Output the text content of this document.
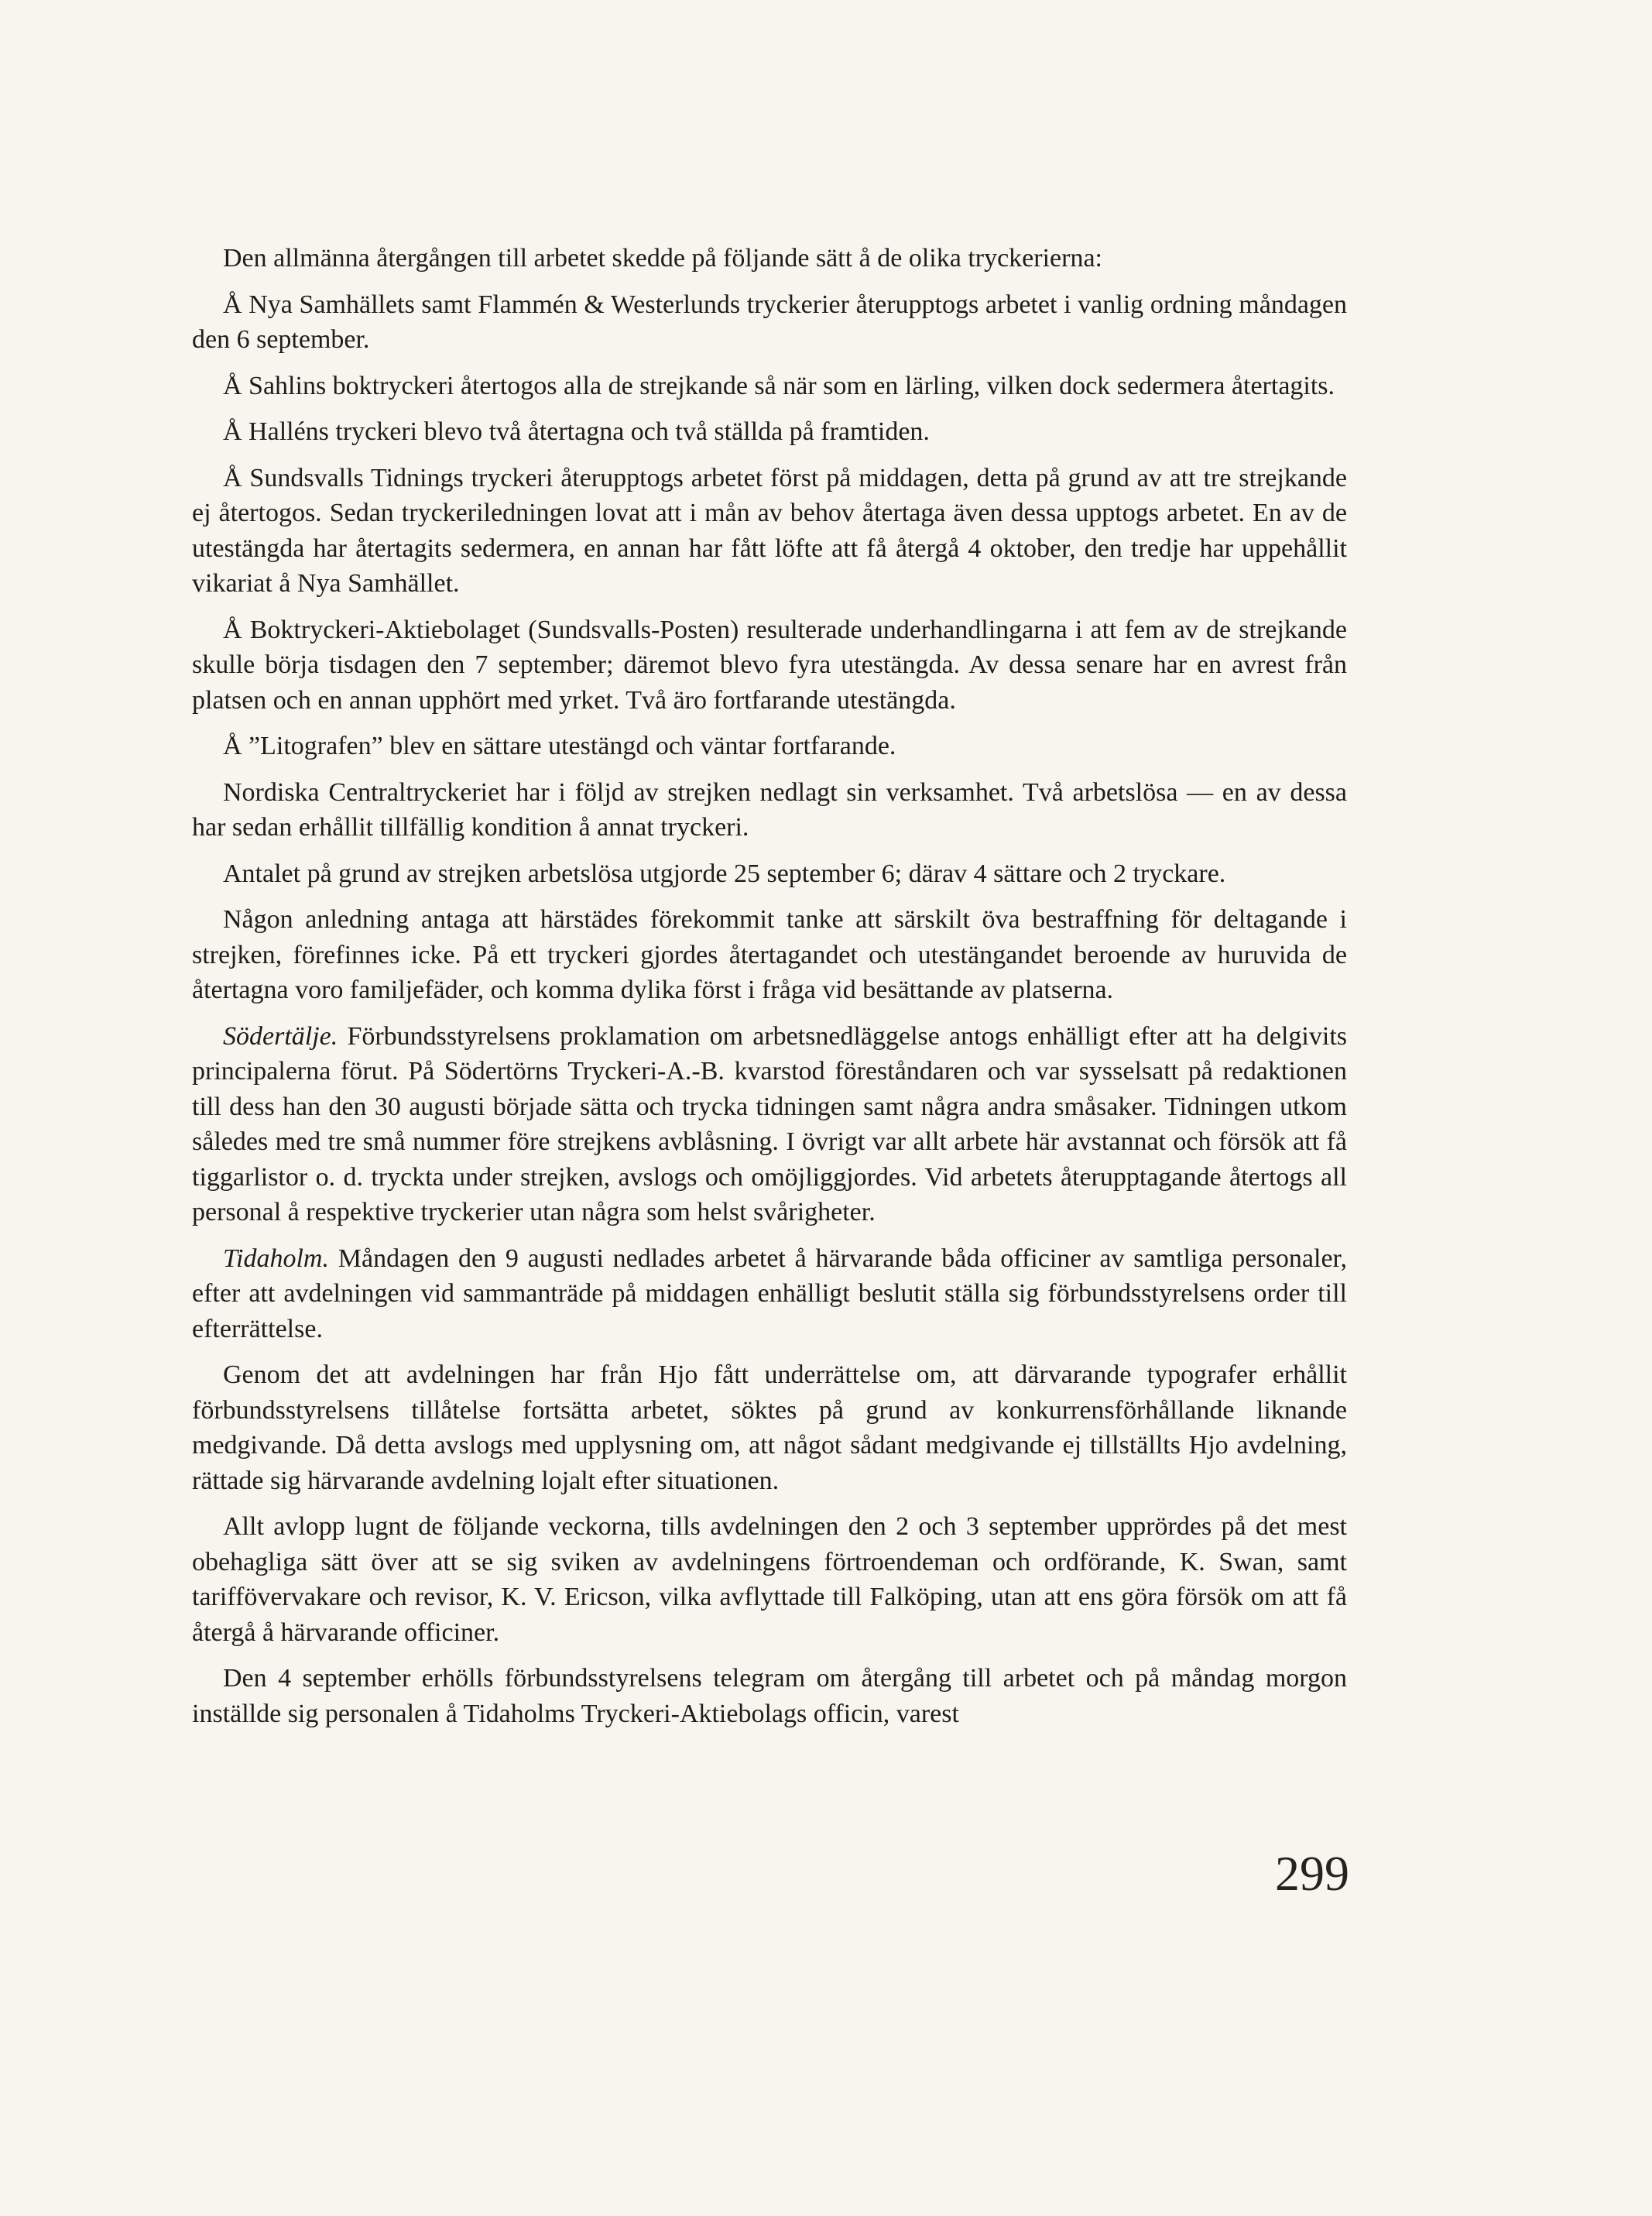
Den allmänna återgången till arbetet skedde på följande sätt å de olika tryckerierna:

Å Nya Samhällets samt Flammén & Westerlunds tryckerier återupptogs arbetet i vanlig ordning måndagen den 6 september.

Å Sahlins boktryckeri återtogos alla de strejkande så när som en lärling, vilken dock sedermera återtagits.

Å Halléns tryckeri blevo två återtagna och två ställda på framtiden.

Å Sundsvalls Tidnings tryckeri återupptogs arbetet först på middagen, detta på grund av att tre strejkande ej återtogos. Sedan tryckeriledningen lovat att i mån av behov återtaga även dessa upptogs arbetet. En av de utestängda har återtagits sedermera, en annan har fått löfte att få återgå 4 oktober, den tredje har uppehållit vikariat å Nya Samhället.

Å Boktryckeri-Aktiebolaget (Sundsvalls-Posten) resulterade underhandlingarna i att fem av de strejkande skulle börja tisdagen den 7 september; däremot blevo fyra utestängda. Av dessa senare har en avrest från platsen och en annan upphört med yrket. Två äro fortfarande utestängda.

Å ”Litografen” blev en sättare utestängd och väntar fortfarande.

Nordiska Centraltryckeriet har i följd av strejken nedlagt sin verksamhet. Två arbetslösa — en av dessa har sedan erhållit tillfällig kondition å annat tryckeri.

Antalet på grund av strejken arbetslösa utgjorde 25 september 6; därav 4 sättare och 2 tryckare.

Någon anledning antaga att härstädes förekommit tanke att särskilt öva bestraffning för deltagande i strejken, förefinnes icke. På ett tryckeri gjordes återtagandet och utestängandet beroende av huruvida de återtagna voro familjefäder, och komma dylika först i fråga vid besättande av platserna.

Södertälje. Förbundsstyrelsens proklamation om arbetsnedläggelse antogs enhälligt efter att ha delgivits principalerna förut. På Södertörns Tryckeri-A.-B. kvarstod föreståndaren och var sysselsatt på redaktionen till dess han den 30 augusti började sätta och trycka tidningen samt några andra småsaker. Tidningen utkom således med tre små nummer före strejkens avblåsning. I övrigt var allt arbete här avstannat och försök att få tiggarlistor o. d. tryckta under strejken, avslogs och omöjliggjordes. Vid arbetets återupptagande återtogs all personal å respektive tryckerier utan några som helst svårigheter.

Tidaholm. Måndagen den 9 augusti nedlades arbetet å härvarande båda officiner av samtliga personaler, efter att avdelningen vid sammanträde på middagen enhälligt beslutit ställa sig förbundsstyrelsens order till efterrättelse.

Genom det att avdelningen har från Hjo fått underrättelse om, att därvarande typografer erhållit förbundsstyrelsens tillåtelse fortsätta arbetet, söktes på grund av konkurrensförhållande liknande medgivande. Då detta avslogs med upplysning om, att något sådant medgivande ej tillställts Hjo avdelning, rättade sig härvarande avdelning lojalt efter situationen.

Allt avlopp lugnt de följande veckorna, tills avdelningen den 2 och 3 september upprördes på det mest obehagliga sätt över att se sig sviken av avdelningens förtroendeman och ordförande, K. Swan, samt tariffövervakare och revisor, K. V. Ericson, vilka avflyttade till Falköping, utan att ens göra försök om att få återgå å härvarande officiner.

Den 4 september erhölls förbundsstyrelsens telegram om återgång till arbetet och på måndag morgon inställde sig personalen å Tidaholms Tryckeri-Aktiebolags officin, varest

299
